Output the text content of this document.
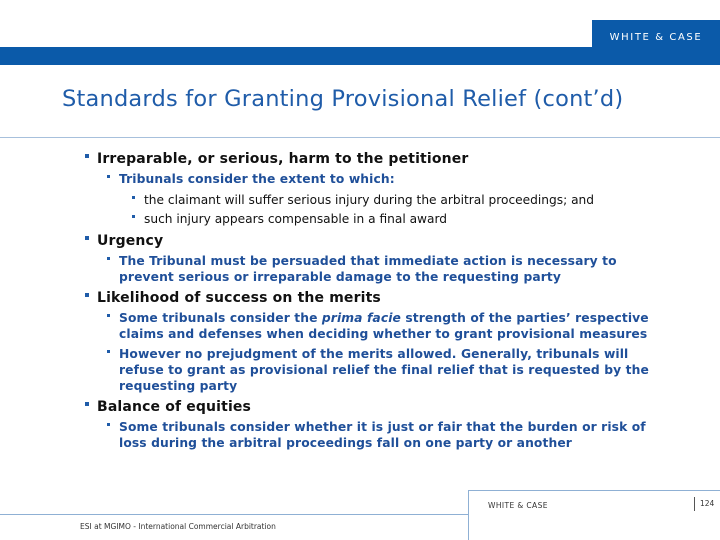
WHITE & CASE
Standards for Granting Provisional Relief (cont’d)
Irreparable, or serious, harm to the petitioner
Tribunals consider the extent to which:
the claimant will suffer serious injury during the arbitral proceedings; and
such injury appears compensable in a final award
Urgency
The Tribunal must be persuaded that immediate action is necessary to prevent serious or irreparable damage to the requesting party
Likelihood of success on the merits
Some tribunals consider the prima facie strength of the parties’ respective claims and defenses when deciding whether to grant provisional measures
However no prejudgment of the merits allowed. Generally, tribunals will refuse to grant as provisional relief the final relief that is requested by the requesting party
Balance of equities
Some tribunals consider whether it is just or fair that the burden or risk of loss during the arbitral proceedings fall on one party or another
ESI at MGIMO - International Commercial Arbitration
WHITE & CASE	124
